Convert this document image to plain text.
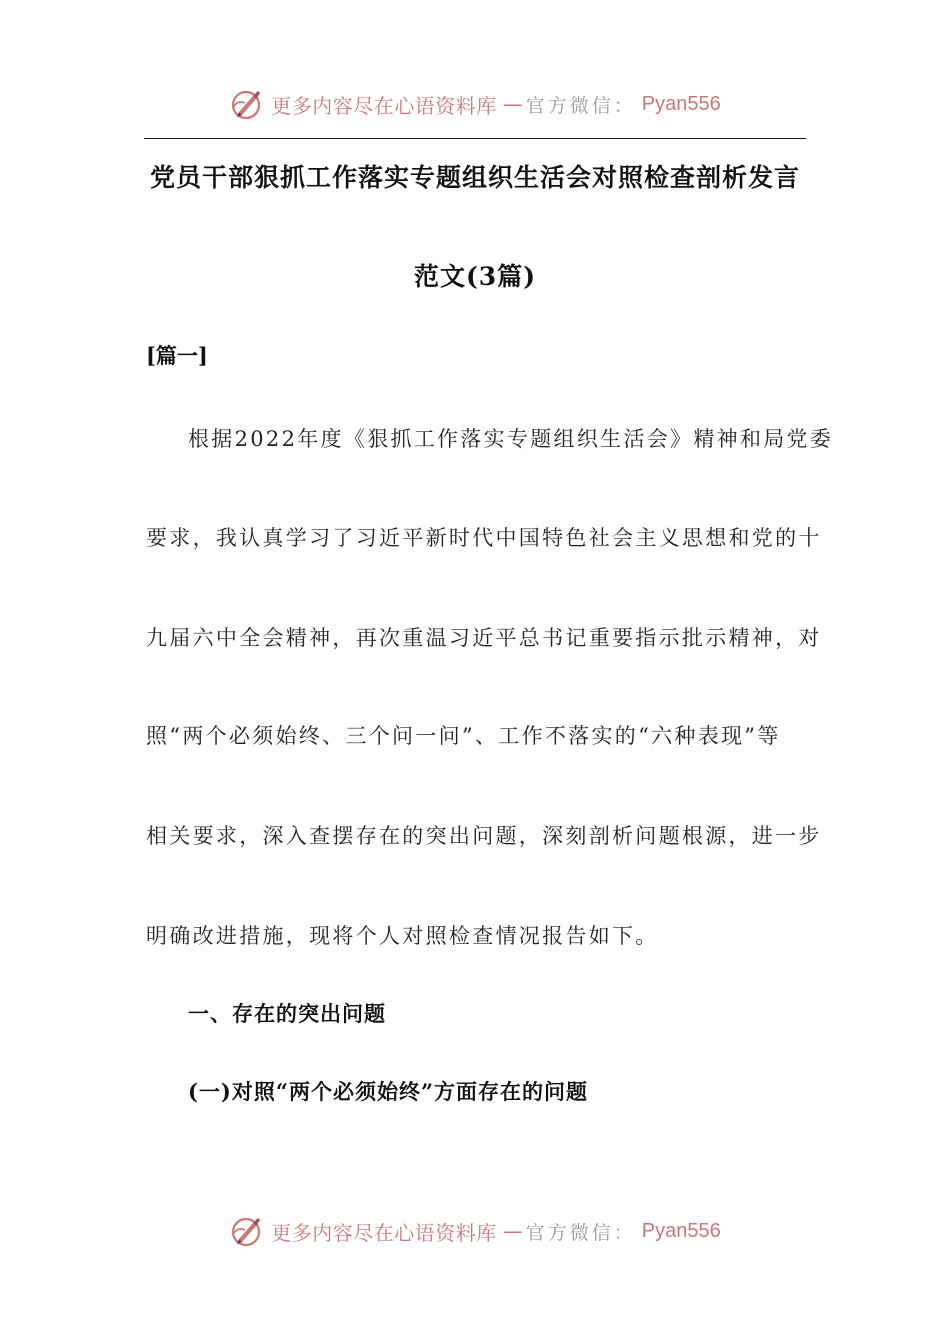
更多内容尽在心语资料库 — 官方微信： Pyan556
党员干部狠抓工作落实专题组织生活会对照检查剖析发言
范文(3篇)
[篇一]
根据2022年度《狠抓工作落实专题组织生活会》精神和局党委
要求，我认真学习了习近平新时代中国特色社会主义思想和党的十
九届六中全会精神，再次重温习近平总书记重要指示批示精神，对
照“两个必须始终、三个问一问”、工作不落实的“六种表现”等
相关要求，深入查摆存在的突出问题，深刻剖析问题根源，进一步
明确改进措施，现将个人对照检查情况报告如下。
一、存在的突出问题
(一)对照“两个必须始终”方面存在的问题
更多内容尽在心语资料库 — 官方微信： Pyan556
